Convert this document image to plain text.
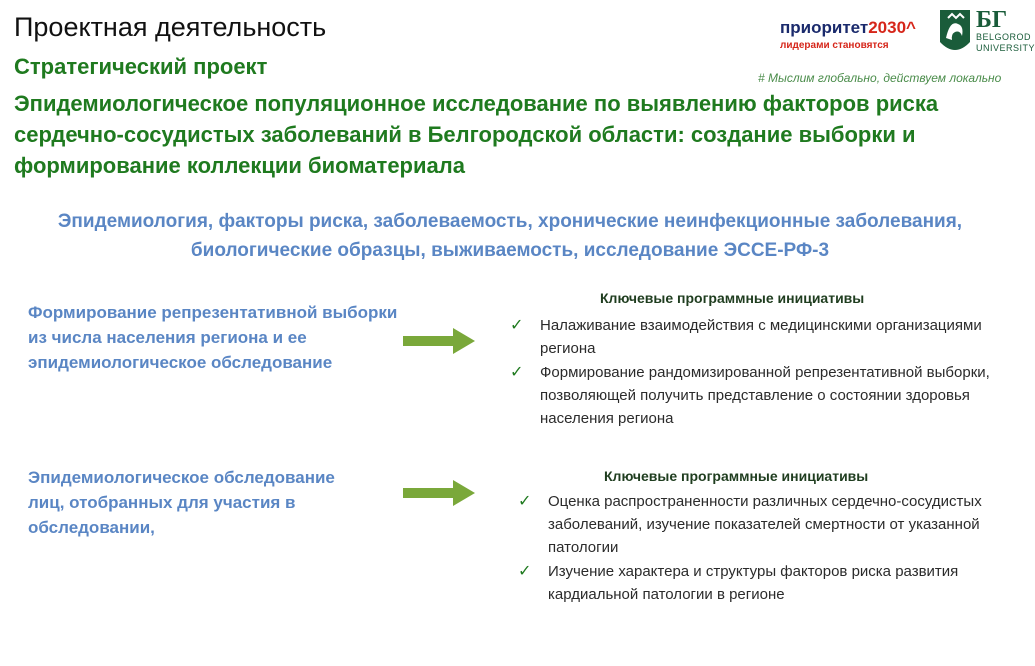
Проектная деятельность
Стратегический проект
Эпидемиологическое популяционное исследование по выявлению факторов риска сердечно-сосудистых заболеваний в Белгородской области: создание выборки и формирование коллекции биоматериала
приоритет2030^
лидерами становятся
БГ
BELGOROD
UNIVERSITY
# Мыслим глобально, действуем локально
Эпидемиология, факторы риска, заболеваемость, хронические неинфекционные заболевания, биологические образцы, выживаемость, исследование ЭССЕ-РФ-3
Формирование репрезентативной выборки из числа населения региона и ее эпидемиологическое обследование
Ключевые программные инициативы
✓ Налаживание взаимодействия с медицинскими организациями региона
✓ Формирование рандомизированной репрезентативной выборки, позволяющей получить представление о состоянии здоровья населения региона
Эпидемиологическое обследование лиц, отобранных для участия в обследовании,
Ключевые программные инициативы
✓ Оценка распространенности различных сердечно-сосудистых заболеваний, изучение показателей смертности от указанной патологии
✓ Изучение характера и структуры факторов риска развития кардиальной патологии в регионе
